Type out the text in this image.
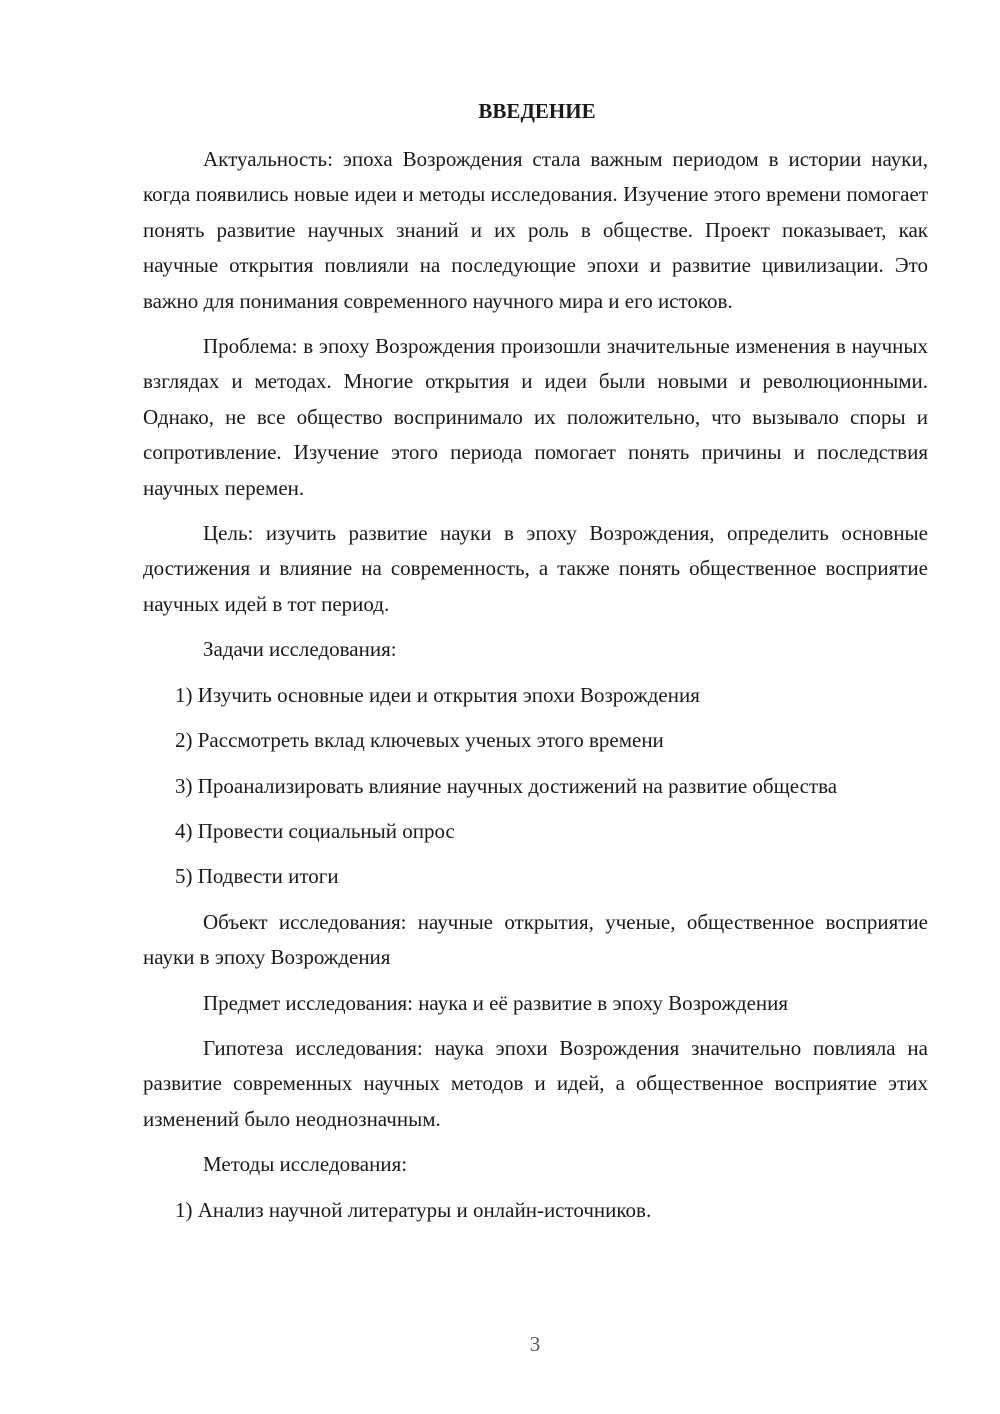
ВВЕДЕНИЕ

Актуальность: эпоха Возрождения стала важным периодом в истории науки, когда появились новые идеи и методы исследования. Изучение этого времени помогает понять развитие научных знаний и их роль в обществе. Проект показывает, как научные открытия повлияли на последующие эпохи и развитие цивилизации. Это важно для понимания современного научного мира и его истоков.

Проблема: в эпоху Возрождения произошли значительные изменения в научных взглядах и методах. Многие открытия и идеи были новыми и революционными. Однако, не все общество воспринимало их положительно, что вызывало споры и сопротивление. Изучение этого периода помогает понять причины и последствия научных перемен.

Цель: изучить развитие науки в эпоху Возрождения, определить основные достижения и влияние на современность, а также понять общественное восприятие научных идей в тот период.

Задачи исследования:

1) Изучить основные идеи и открытия эпохи Возрождения

2) Рассмотреть вклад ключевых ученых этого времени

3) Проанализировать влияние научных достижений на развитие общества

4) Провести социальный опрос

5) Подвести итоги

Объект исследования: научные открытия, ученые, общественное восприятие науки в эпоху Возрождения

Предмет исследования: наука и её развитие в эпоху Возрождения

Гипотеза исследования: наука эпохи Возрождения значительно повлияла на развитие современных научных методов и идей, а общественное восприятие этих изменений было неоднозначным.

Методы исследования:

1) Анализ научной литературы и онлайн-источников.

3
